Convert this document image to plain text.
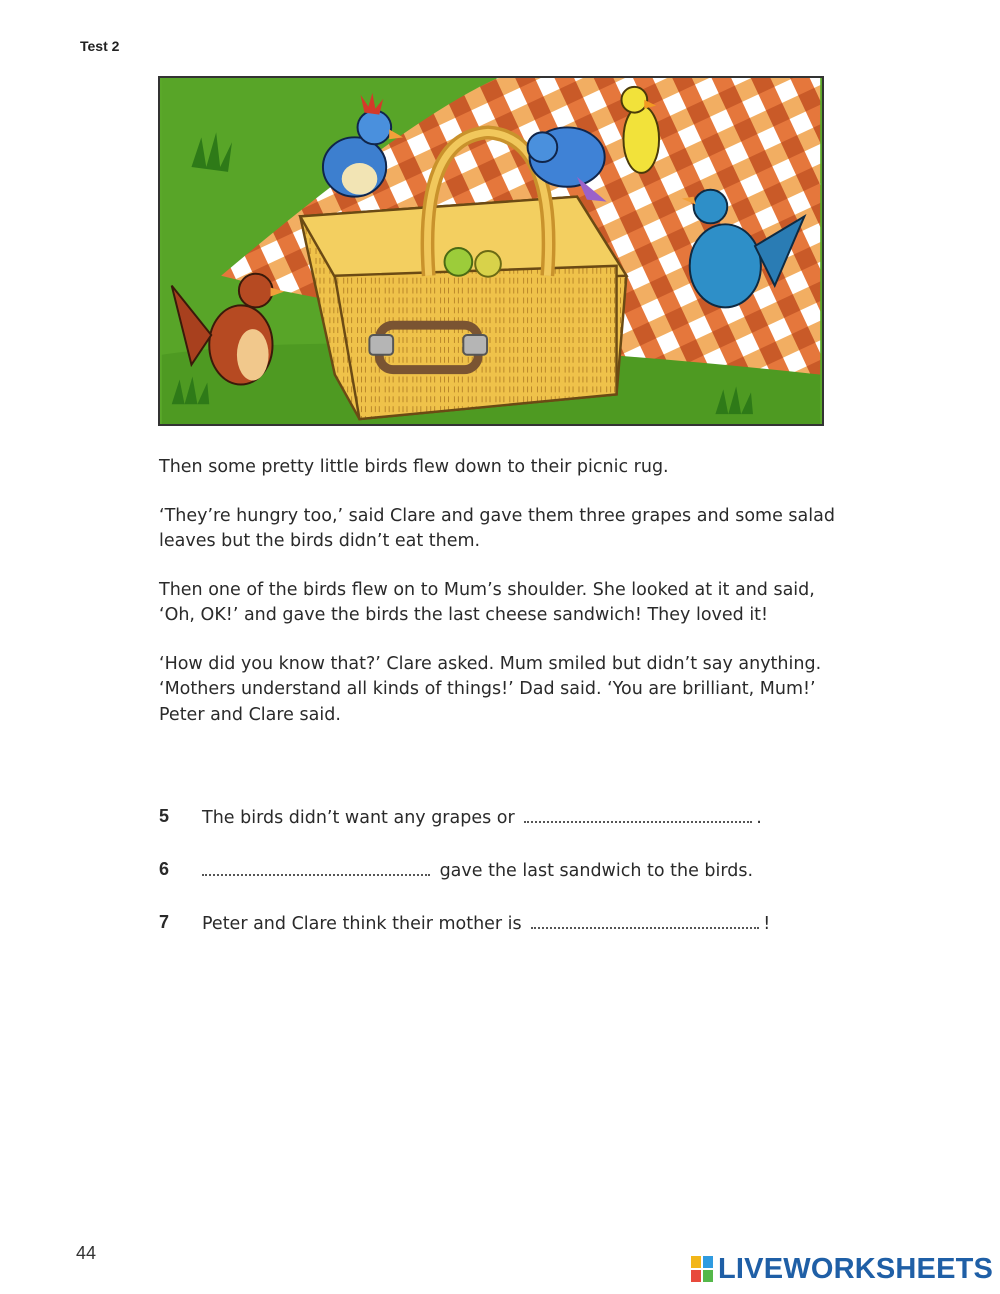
Test 2

Then some pretty little birds flew down to their picnic rug.

‘They’re hungry too,’ said Clare and gave them three grapes and some salad leaves but the birds didn’t eat them.

Then one of the birds flew on to Mum’s shoulder. She looked at it and said, ‘Oh, OK!’ and gave the birds the last cheese sandwich! They loved it!

‘How did you know that?’ Clare asked. Mum smiled but didn’t say anything. ‘Mothers understand all kinds of things!’ Dad said. ‘You are brilliant, Mum!’ Peter and Clare said.

5 The birds didn’t want any grapes or	.
6	gave the last sandwich to the birds.
7 Peter and Clare think their mother is	!
44	LIVEWORKSHEETS
